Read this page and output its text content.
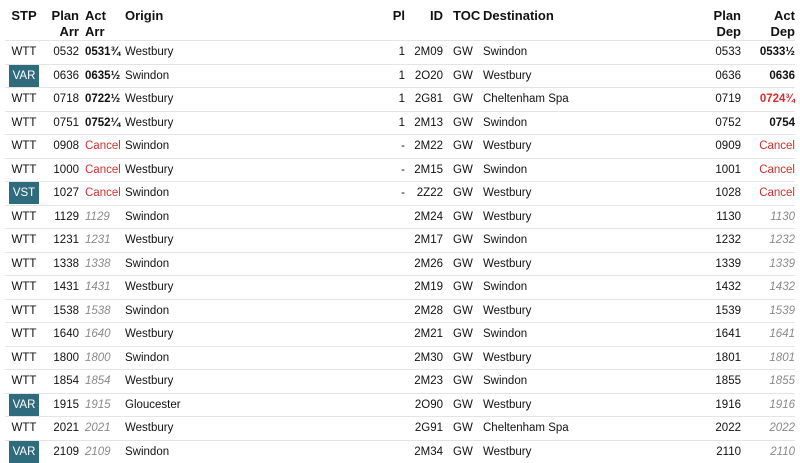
STP	Plan Arr	Act Arr	Origin	Pl	ID	TOC	Destination	Plan Dep	Act Dep
WTT	0532	0531¾	Westbury	1	2M09	GW	Swindon	0533	0533½
VAR	0636	0635½	Swindon	1	2O20	GW	Westbury	0636	0636
WTT	0718	0722½	Westbury	1	2G81	GW	Cheltenham Spa	0719	0724¾
WTT	0751	0752¼	Westbury	1	2M13	GW	Swindon	0752	0754
WTT	0908	Cancel	Swindon	-	2M22	GW	Westbury	0909	Cancel
WTT	1000	Cancel	Westbury	-	2M15	GW	Swindon	1001	Cancel
VST	1027	Cancel	Swindon	-	2Z22	GW	Westbury	1028	Cancel
WTT	1129	1129	Swindon		2M24	GW	Westbury	1130	1130
WTT	1231	1231	Westbury		2M17	GW	Swindon	1232	1232
WTT	1338	1338	Swindon		2M26	GW	Westbury	1339	1339
WTT	1431	1431	Westbury		2M19	GW	Swindon	1432	1432
WTT	1538	1538	Swindon		2M28	GW	Westbury	1539	1539
WTT	1640	1640	Westbury		2M21	GW	Swindon	1641	1641
WTT	1800	1800	Swindon		2M30	GW	Westbury	1801	1801
WTT	1854	1854	Westbury		2M23	GW	Swindon	1855	1855
VAR	1915	1915	Gloucester		2O90	GW	Westbury	1916	1916
WTT	2021	2021	Westbury		2G91	GW	Cheltenham Spa	2022	2022
VAR	2109	2109	Swindon		2M34	GW	Westbury	2110	2110
